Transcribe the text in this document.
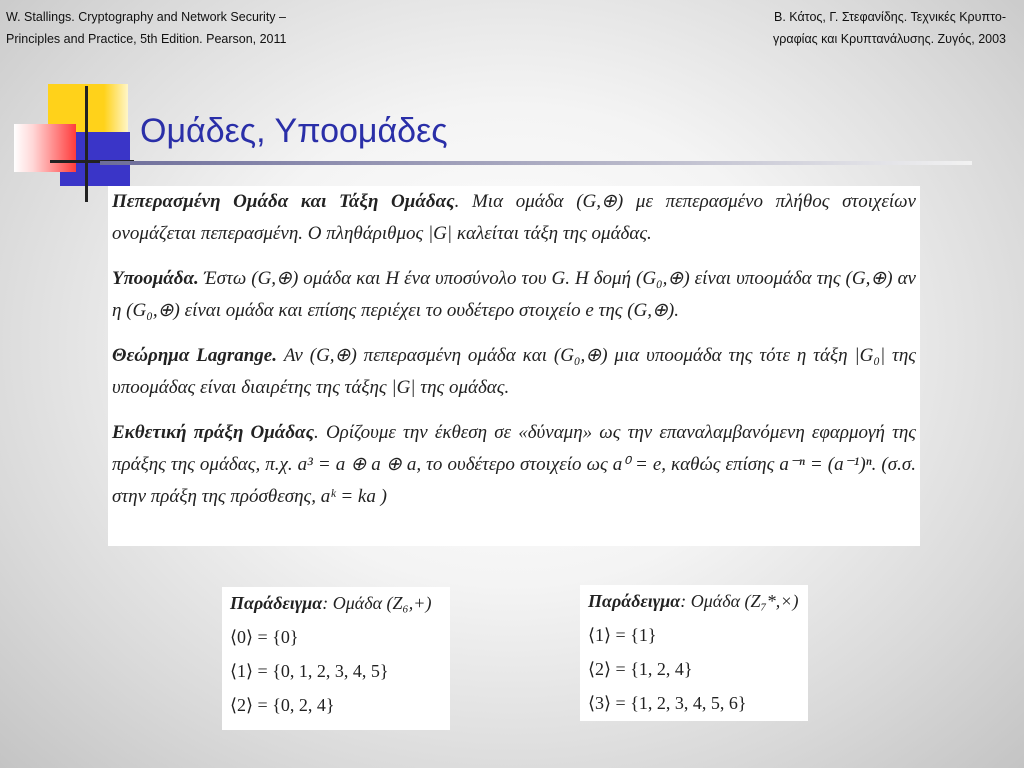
W. Stallings. Cryptography and Network Security –
Principles and Practice, 5th Edition. Pearson, 2011
Β. Κάτος, Γ. Στεφανίδης. Τεχνικές Κρυπτο-
γραφίας και Κρυπτανάλυσης. Ζυγός, 2003
Ομάδες, Υποομάδες

Πεπερασμένη Ομάδα και Τάξη Ομάδας. Μια ομάδα (G,⊕) με πεπερασμένο πλήθος στοιχείων ονομάζεται πεπερασμένη. Ο πληθάριθμος |G| καλείται τάξη της ομάδας.

Υποομάδα. Έστω (G,⊕) ομάδα και H ένα υποσύνολο του G. Η δομή (G₀,⊕) είναι υποομάδα της (G,⊕) αν η (G₀,⊕) είναι ομάδα και επίσης περιέχει το ουδέτερο στοιχείο e της (G,⊕).

Θεώρημα Lagrange. Αν (G,⊕) πεπερασμένη ομάδα και (G₀,⊕) μια υποομάδα της τότε η τάξη |G₀| της υποομάδας είναι διαιρέτης της τάξης |G| της ομάδας.

Εκθετική πράξη Ομάδας. Ορίζουμε την έκθεση σε «δύναμη» ως την επαναλαμβανόμενη εφαρμογή της πράξης της ομάδας, π.χ. a³ = a ⊕ a ⊕ a, το ουδέτερο στοιχείο ως a⁰ = e, καθώς επίσης a⁻ⁿ = (a⁻¹)ⁿ. (σ.σ. στην πράξη της πρόσθεσης, aᵏ = ka )

Παράδειγμα: Ομάδα (Z₆,+)
⟨0⟩ = {0}
⟨1⟩ = {0, 1, 2, 3, 4, 5}
⟨2⟩ = {0, 2, 4}
Παράδειγμα: Ομάδα (Z₇*,×)
⟨1⟩ = {1}
⟨2⟩ = {1, 2, 4}
⟨3⟩ = {1, 2, 3, 4, 5, 6}
